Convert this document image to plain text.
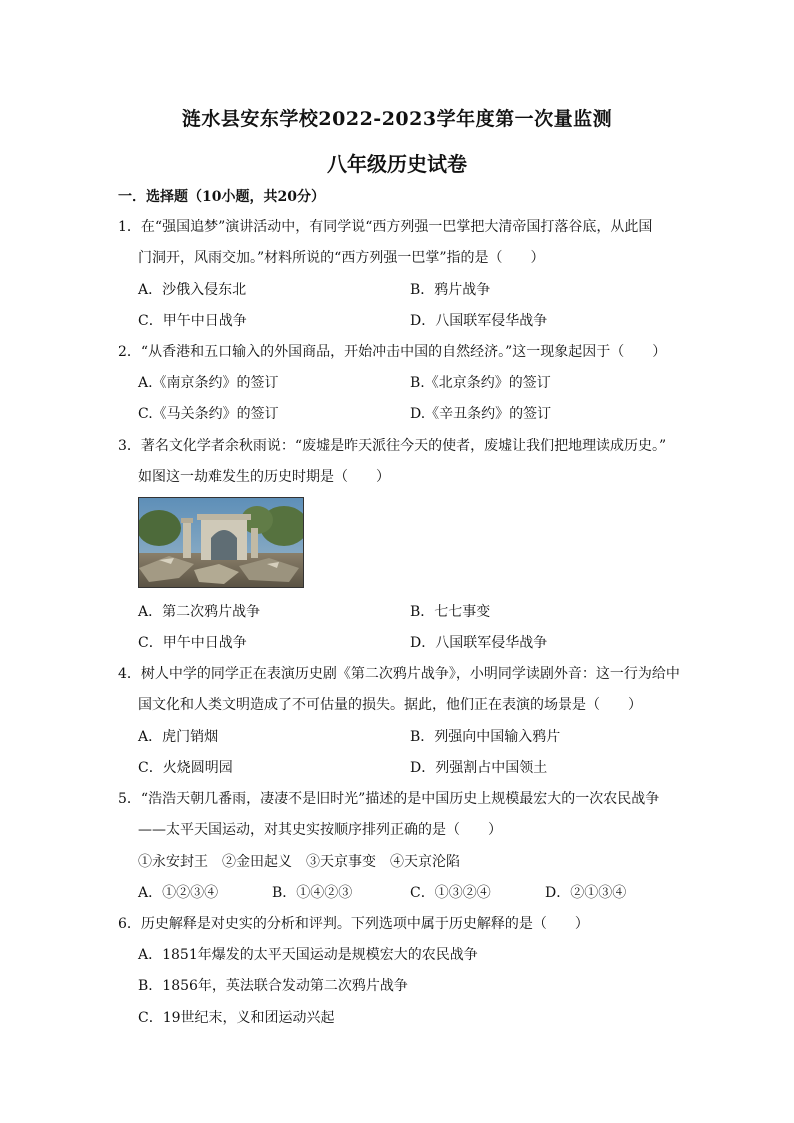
涟水县安东学校2022-2023学年度第一次量监测
八年级历史试卷
一．选择题（10小题，共20分）
1．在“强国追梦”演讲活动中，有同学说“西方列强一巴掌把大清帝国打落谷底，从此国
门洞开，风雨交加。”材料所说的“西方列强一巴掌”指的是（　　）
A．沙俄入侵东北	B．鸦片战争
C．甲午中日战争	D．八国联军侵华战争
2．“从香港和五口输入的外国商品，开始冲击中国的自然经济。”这一现象起因于（　　）
A.《南京条约》的签订	B.《北京条约》的签订
C.《马关条约》的签订	D.《辛丑条约》的签订
3．著名文化学者余秋雨说：“废墟是昨天派往今天的使者，废墟让我们把地理读成历史。”
如图这一劫难发生的历史时期是（　　）
A．第二次鸦片战争	B．七七事变
C．甲午中日战争	D．八国联军侵华战争
4．树人中学的同学正在表演历史剧《第二次鸦片战争》，小明同学读剧外音：这一行为给中
国文化和人类文明造成了不可估量的损失。据此，他们正在表演的场景是（　　）
A．虎门销烟	B．列强向中国输入鸦片
C．火烧圆明园	D．列强割占中国领土
5．“浩浩天朝几番雨，凄凄不是旧时光”描述的是中国历史上规模最宏大的一次农民战争
——太平天国运动，对其史实按顺序排列正确的是（　　）
①永安封王　②金田起义　③天京事变　④天京沦陷
A．①②③④	B．①④②③	C．①③②④	D．②①③④
6．历史解释是对史实的分析和评判。下列选项中属于历史解释的是（　　）
A．1851年爆发的太平天国运动是规模宏大的农民战争
B．1856年，英法联合发动第二次鸦片战争
C．19世纪末，义和团运动兴起
